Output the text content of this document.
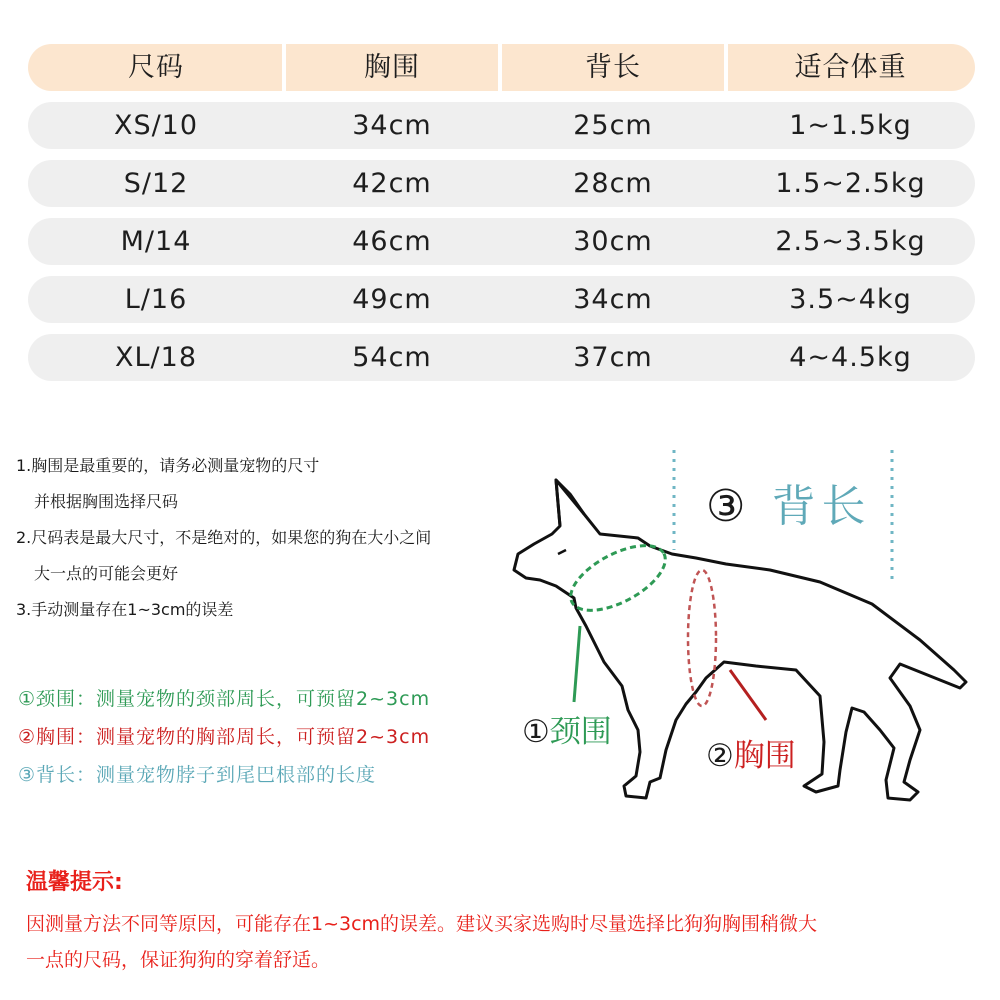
尺码	胸围	背长	适合体重
XS/10	34cm	25cm	1~1.5kg
S/12	42cm	28cm	1.5~2.5kg
M/14	46cm	30cm	2.5~3.5kg
L/16	49cm	34cm	3.5~4kg
XL/18	54cm	37cm	4~4.5kg
1.胸围是最重要的，请务必测量宠物的尺寸
并根据胸围选择尺码
2.尺码表是最大尺寸，不是绝对的，如果您的狗在大小之间
大一点的可能会更好
3.手动测量存在1~3cm的误差
①颈围：测量宠物的颈部周长，可预留2~3cm
②胸围：测量宠物的胸部周长，可预留2~3cm
③背长：测量宠物脖子到尾巴根部的长度
③ 背长
①颈围
②胸围
温馨提示:
因测量方法不同等原因，可能存在1~3cm的误差。建议买家选购时尽量选择比狗狗胸围稍微大
一点的尺码，保证狗狗的穿着舒适。
